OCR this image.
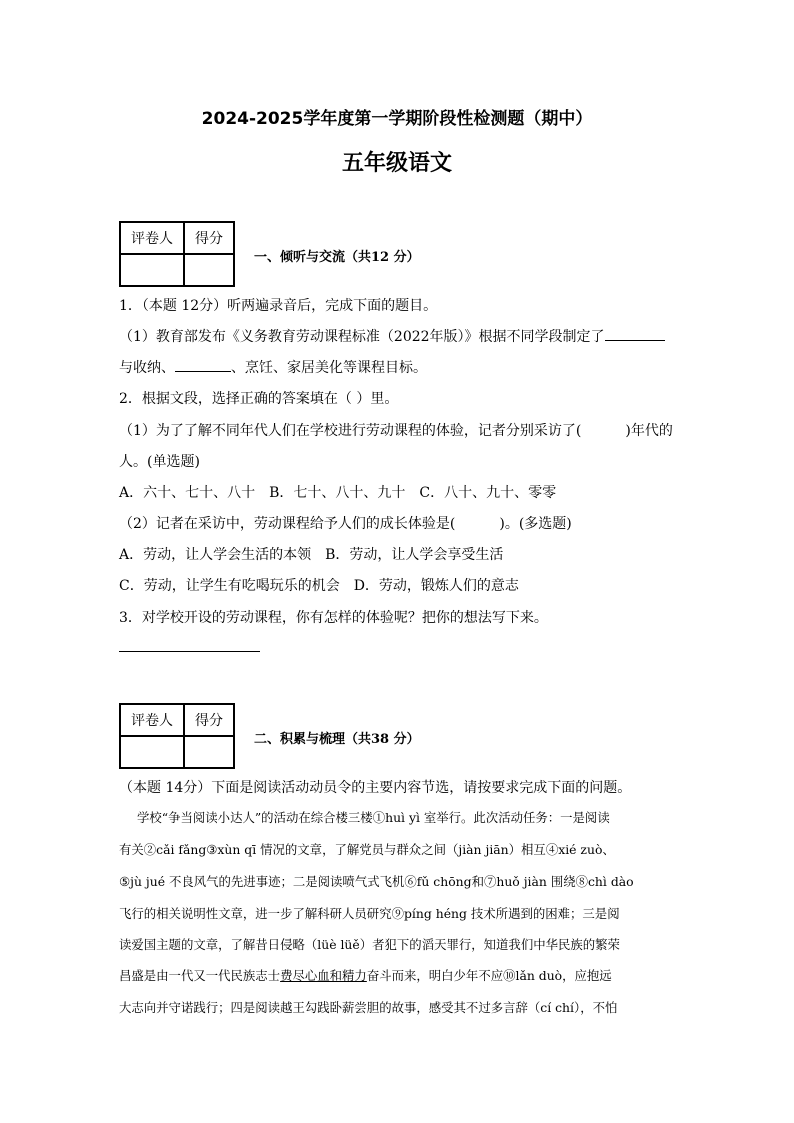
2024-2025学年度第一学期阶段性检测题（期中）
五年级语文
评卷人	得分

一、倾听与交流（共12 分）
1．（本题 12分）听两遍录音后，完成下面的题目。
（1）教育部发布《义务教育劳动课程标准（2022年版）》根据不同学段制定了
与收纳、	、烹饪、家居美化等课程目标。
2．根据文段，选择正确的答案填在（ ）里。
（1）为了了解不同年代人们在学校进行劳动课程的体验，记者分别采访了(	)年代的
人。(单选题)
A．六十、七十、八十　B．七十、八十、九十　C．八十、九十、零零
（2）记者在采访中，劳动课程给予人们的成长体验是(	)。(多选题)
A．劳动，让人学会生活的本领　B．劳动，让人学会享受生活
C．劳动，让学生有吃喝玩乐的机会　D．劳动，锻炼人们的意志
3．对学校开设的劳动课程，你有怎样的体验呢？把你的想法写下来。
评卷人	得分

二、积累与梳理（共38 分）
（本题 14分）下面是阅读活动动员令的主要内容节选，请按要求完成下面的问题。
学校“争当阅读小达人”的活动在综合楼三楼①huì yì 室举行。此次活动任务：一是阅读
有关②cǎi fǎng③xùn qī 情况的文章，了解党员与群众之间（jiàn jiān）相互④xié zuò、
⑤jù jué 不良风气的先进事迹；二是阅读喷气式飞机⑥fǔ chōng和⑦huǒ jiàn 围绕⑧chì dào
飞行的相关说明性文章，进一步了解科研人员研究⑨píng héng 技术所遇到的困难；三是阅
读爱国主题的文章，了解昔日侵略（lüè lüě）者犯下的滔天罪行，知道我们中华民族的繁荣
昌盛是由一代又一代民族志士费尽心血和精力奋斗而来，明白少年不应⑩lǎn duò，应抱远
大志向并守诺践行；四是阅读越王勾践卧薪尝胆的故事，感受其不过多言辞（cí chí），不怕
